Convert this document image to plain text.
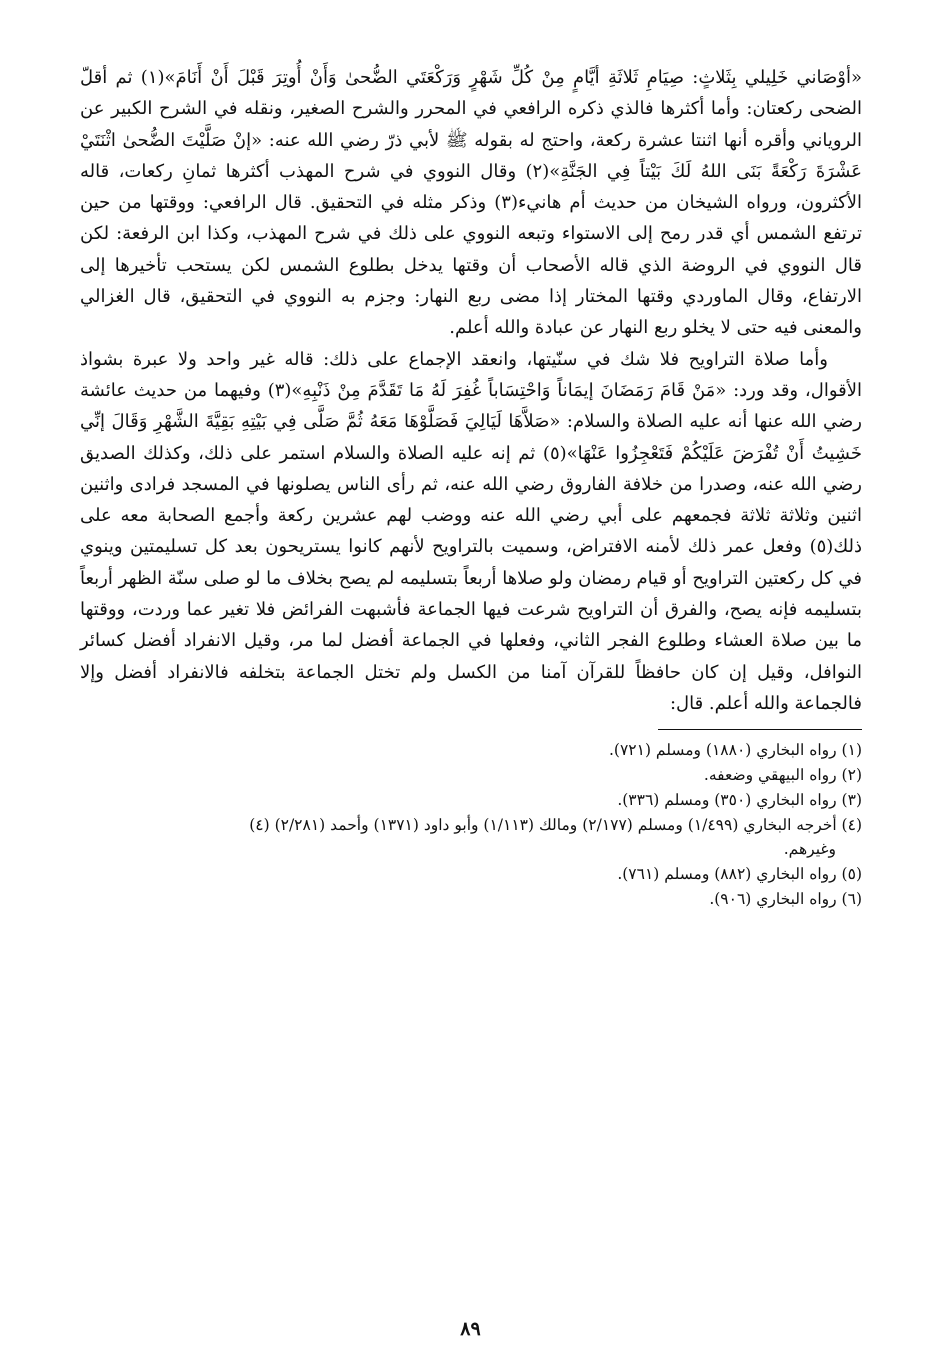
«أوْصَاني خَلِيلي بِثَلاثٍ: صِيَامِ ثَلاثَةِ أيَّامٍ مِنْ كُلِّ شَهْرٍ وَرَكْعَتَي الضُّحىٰ وَأَنْ أُوتِرَ قَبْلَ أَنْ أَنَامَ»(١) ثم أقلّ الضحى ركعتان: وأما أكثرها فالذي ذكره الرافعي في المحرر والشرح الصغير، ونقله في الشرح الكبير عن الروياني وأقره أنها اثنتا عشرة ركعة، واحتج له بقوله ﷺ لأبي ذرّ رضي الله عنه: «إنْ صَلَّيْتَ الضُّحىٰ اثْنَتَيْ عَشْرَةَ رَكْعَةً بَنَى اللهُ لَكَ بَيْتاً فِي الجَنَّةِ»(٢) وقال النووي في شرح المهذب أكثرها ثمانِ ركعات، قاله الأكثرون، ورواه الشيخان من حديث أم هانيء(٣) وذكر مثله في التحقيق. قال الرافعي: ووقتها من حين ترتفع الشمس أي قدر رمح إلى الاستواء وتبعه النووي على ذلك في شرح المهذب، وكذا ابن الرفعة: لكن قال النووي في الروضة الذي قاله الأصحاب أن وقتها يدخل بطلوع الشمس لكن يستحب تأخيرها إلى الارتفاع، وقال الماوردي وقتها المختار إذا مضى ربع النهار: وجزم به النووي في التحقيق، قال الغزالي والمعنى فيه حتى لا يخلو ربع النهار عن عبادة والله أعلم.

وأما صلاة التراويح فلا شك في سنّيتها، وانعقد الإجماع على ذلك: قاله غير واحد ولا عبرة بشواذ الأقوال، وقد ورد: «مَنْ قَامَ رَمَضَانَ إيمَاناً وَاحْتِسَاباً غُفِرَ لَهُ مَا تَقَدَّمَ مِنْ ذَنْبِهِ»(٣) وفيهما من حديث عائشة رضي الله عنها أنه عليه الصلاة والسلام: «صَلاَّهَا لَيَالِيَ فَصَلَّوْهَا مَعَهُ ثُمَّ صَلَّى فِي بَيْتِهِ بَقِيَّةَ الشَّهْرِ وَقَالَ إنِّي خَشِيتُ أَنْ تُفْرَضَ عَلَيْكُمْ فَتَعْجِزُوا عَنْهَا»(٥) ثم إنه عليه الصلاة والسلام استمر على ذلك، وكذلك الصديق رضي الله عنه، وصدرا من خلافة الفاروق رضي الله عنه، ثم رأى الناس يصلونها في المسجد فرادى واثنين اثنين وثلاثة ثلاثة فجمعهم على أبي رضي الله عنه ووضب لهم عشرين ركعة وأجمع الصحابة معه على ذلك(٥) وفعل عمر ذلك لأمنه الافتراض، وسميت بالتراويح لأنهم كانوا يستريحون بعد كل تسليمتين وينوي في كل ركعتين التراويح أو قيام رمضان ولو صلاها أربعاً بتسليمه لم يصح بخلاف ما لو صلى سنّة الظهر أربعاً بتسليمه فإنه يصح، والفرق أن التراويح شرعت فيها الجماعة فأشبهت الفرائض فلا تغير عما وردت، ووقتها ما بين صلاة العشاء وطلوع الفجر الثاني، وفعلها في الجماعة أفضل لما مر، وقيل الانفراد أفضل كسائر النوافل، وقيل إن كان حافظاً للقرآن آمنا من الكسل ولم تختل الجماعة بتخلفه فالانفراد أفضل وإلا فالجماعة والله أعلم. قال:

(١) رواه البخاري (١٨٨٠) ومسلم (٧٢١).

(٢) رواه البيهقي وضعفه.

(٣) رواه البخاري (٣٥٠) ومسلم (٣٣٦).

(٤) أخرجه البخاري (١/٤٩٩) ومسلم (٢/١٧٧) ومالك (١/١١٣) وأبو داود (١٣٧١) وأحمد (٢/٢٨١) (٤)

وغيرهم.

(٥) رواه البخاري (٨٨٢) ومسلم (٧٦١).

(٦) رواه البخاري (٩٠٦).

٨٩
